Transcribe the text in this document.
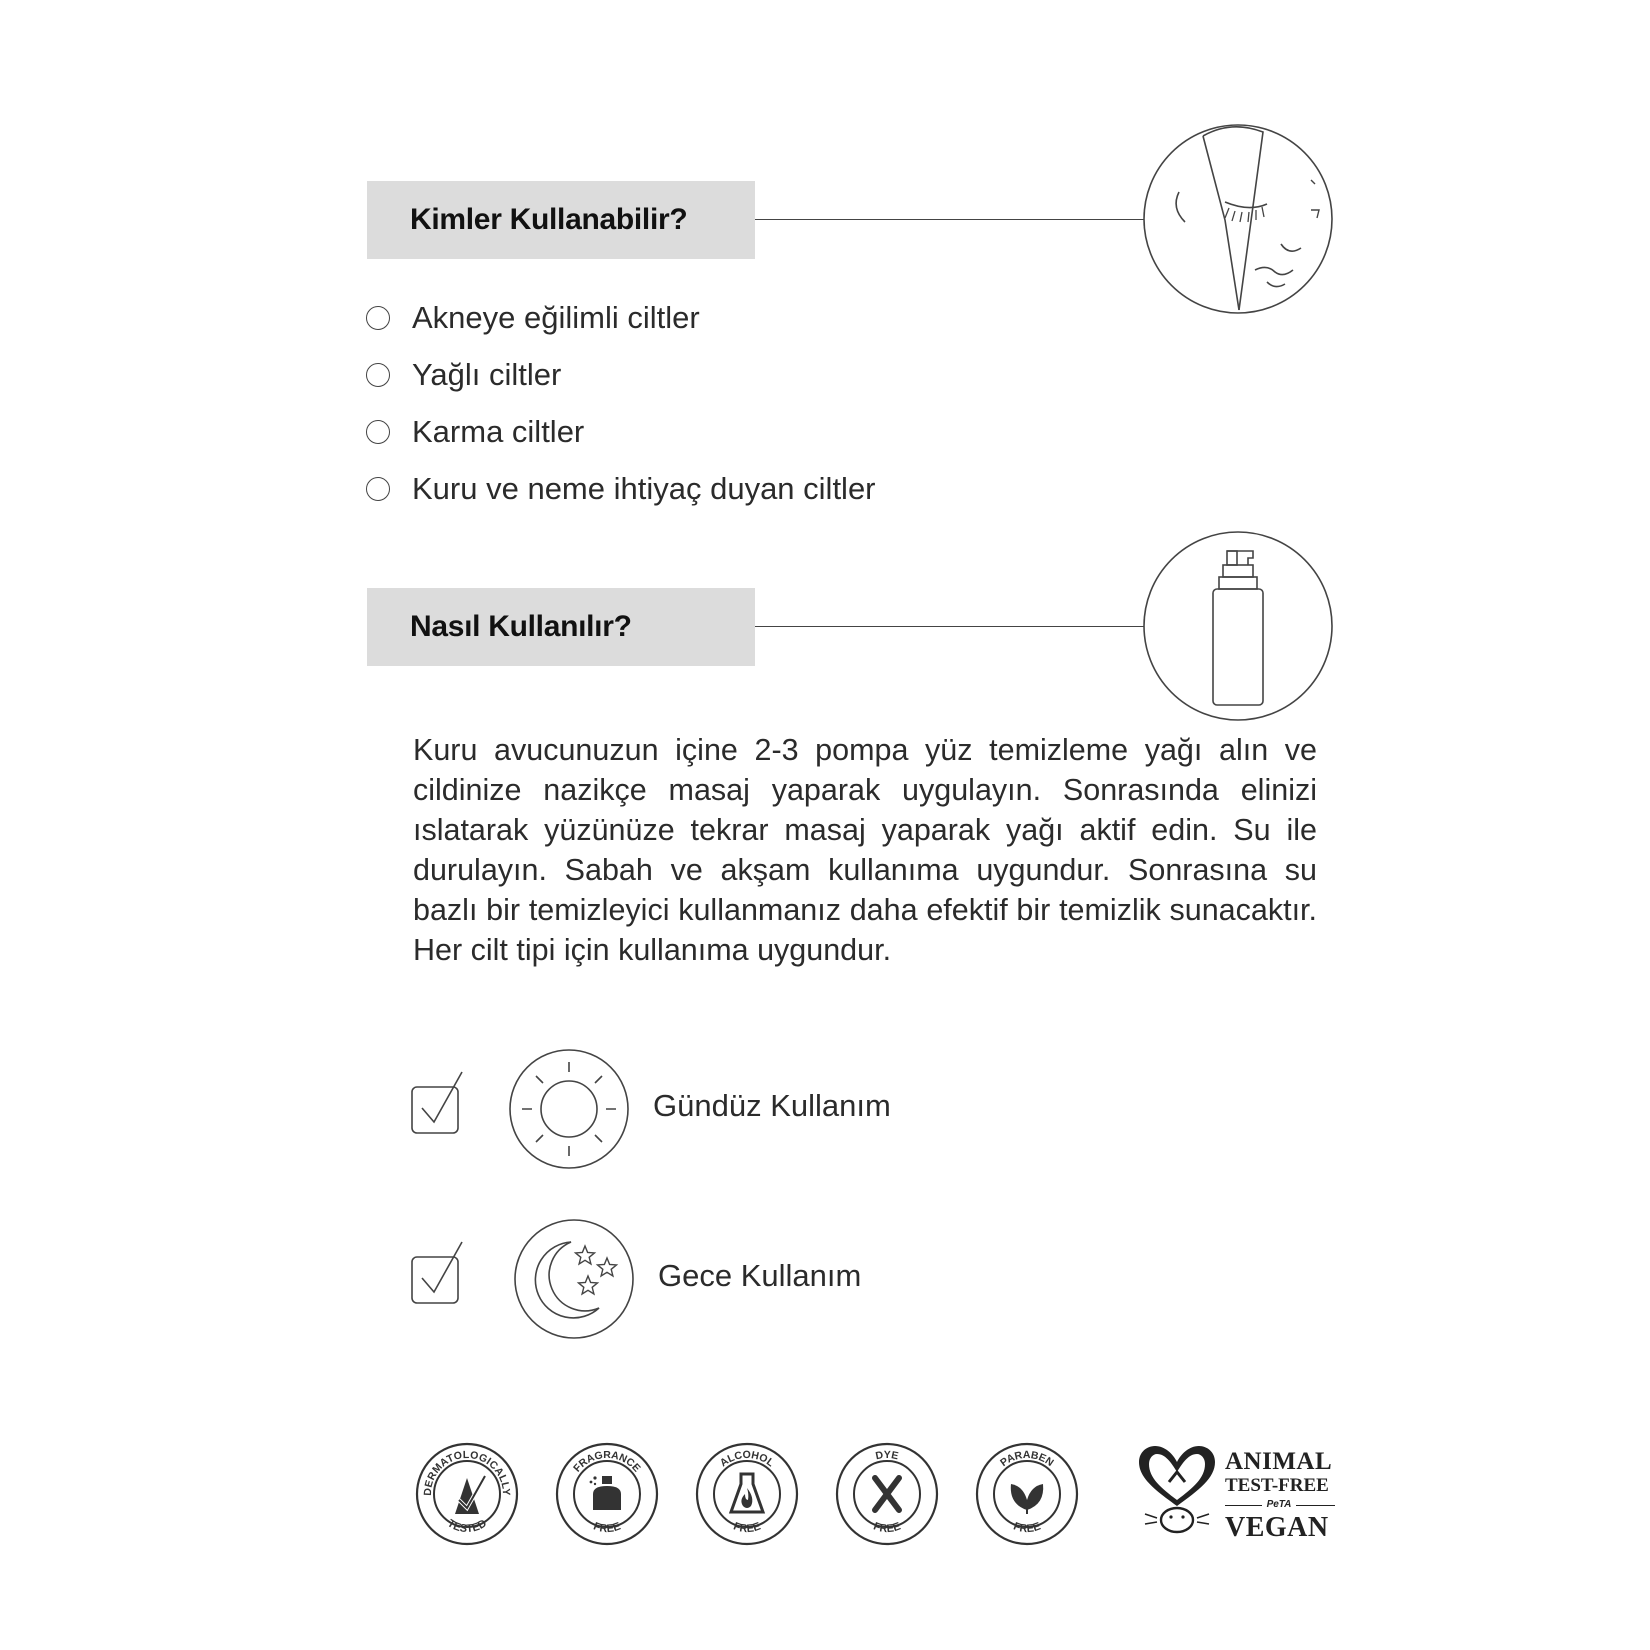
Kimler Kullanabilir?
Akneye eğilimli ciltler
Yağlı ciltler
Karma ciltler
Kuru ve neme ihtiyaç duyan ciltler
Nasıl Kullanılır?

Kuru avucunuzun içine 2-3 pompa yüz temizleme yağı alın ve cildinize nazikçe masaj yaparak uygulayın. Sonrasında elinizi ıslatarak yüzünüze tekrar masaj yaparak yağı aktif edin. Su ile durulayın. Sabah ve akşam kullanıma uygundur. Sonrasına su bazlı bir temizleyici kullanmanız daha efektif bir temizlik sunacaktır. Her cilt tipi için kullanıma uygundur.

Gündüz Kullanım
Gece Kullanım
DERMATOLOGICALLY
TESTED
FRAGRANCE
FREE
ALCOHOL
FREE
DYE
FREE
PARABEN
FREE
ANIMAL
TEST-FREE
PeTA
VEGAN
